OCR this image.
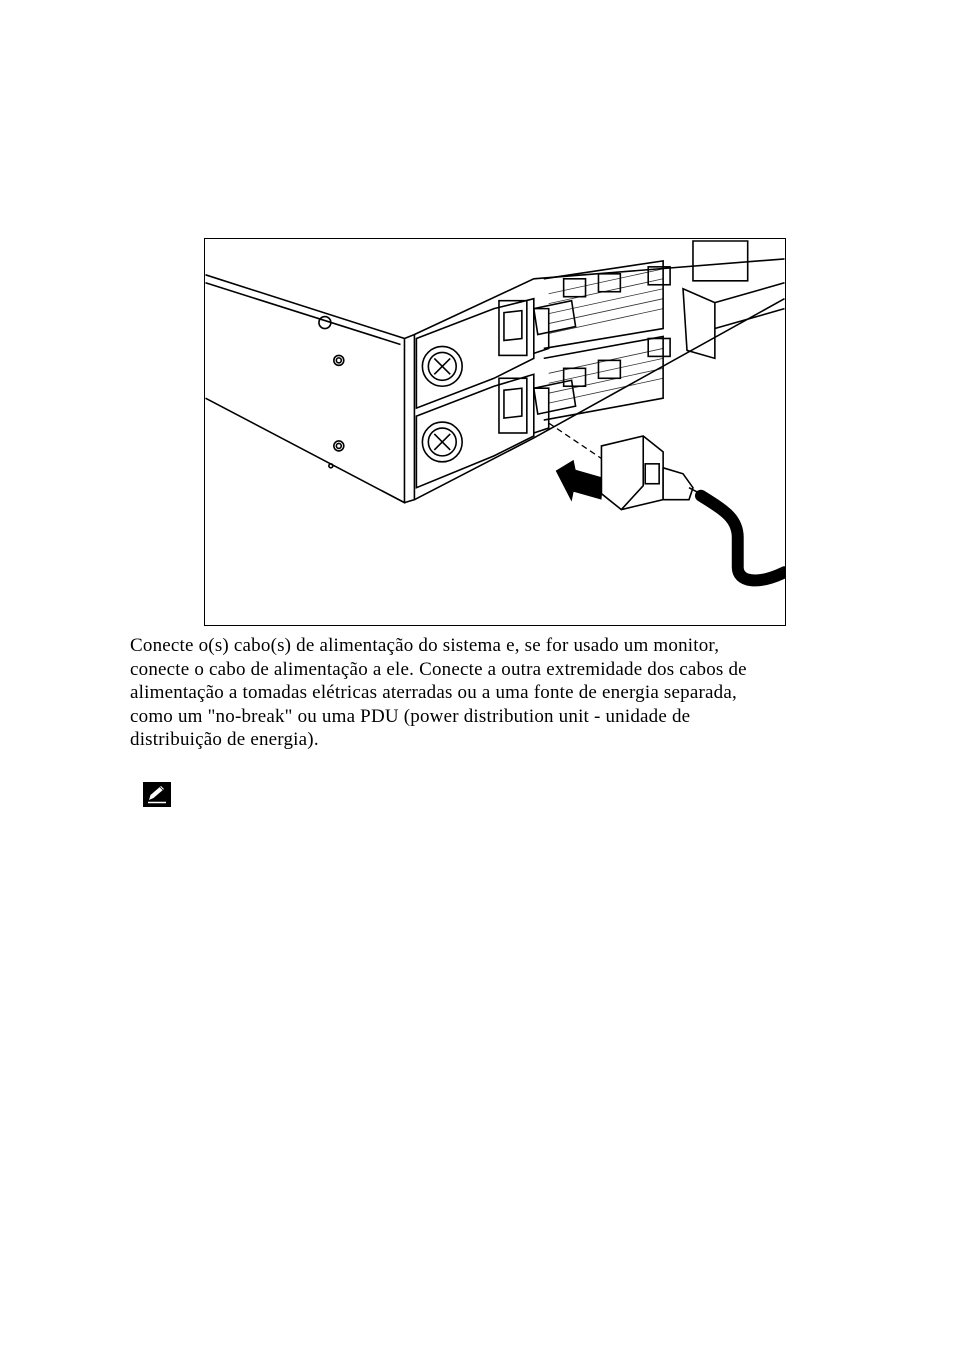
Conecte o(s) cabo(s) de alimentação do sistema e, se for usado um monitor,
conecte o cabo de alimentação a ele. Conecte a outra extremidade dos cabos de
alimentação a tomadas elétricas aterradas ou a uma fonte de energia separada,
como um "no-break" ou uma PDU (power distribution unit - unidade de
distribuição de energia).
